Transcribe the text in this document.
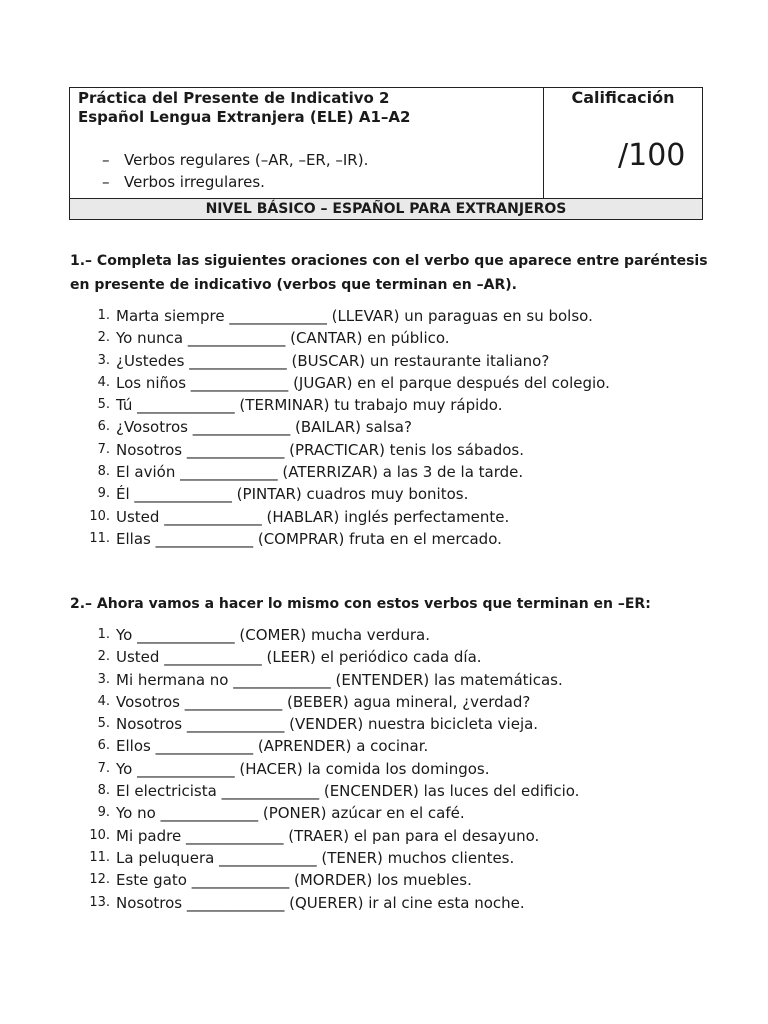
Práctica del Presente de Indicativo 2
Español Lengua Extranjera (ELE) A1–A2
– Verbos regulares (–AR, –ER, –IR).
– Verbos irregulares.
Calificación
/100
NIVEL BÁSICO – ESPAÑOL PARA EXTRANJEROS
1.– Completa las siguientes oraciones con el verbo que aparece entre paréntesis
en presente de indicativo (verbos que terminan en –AR).
1. Marta siempre _____________ (LLEVAR) un paraguas en su bolso.
2. Yo nunca _____________ (CANTAR) en público.
3. ¿Ustedes _____________ (BUSCAR) un restaurante italiano?
4. Los niños _____________ (JUGAR) en el parque después del colegio.
5. Tú _____________ (TERMINAR) tu trabajo muy rápido.
6. ¿Vosotros _____________ (BAILAR) salsa?
7. Nosotros _____________ (PRACTICAR) tenis los sábados.
8. El avión _____________ (ATERRIZAR) a las 3 de la tarde.
9. Él _____________ (PINTAR) cuadros muy bonitos.
10. Usted _____________ (HABLAR) inglés perfectamente.
11. Ellas _____________ (COMPRAR) fruta en el mercado.
2.– Ahora vamos a hacer lo mismo con estos verbos que terminan en –ER:
1. Yo _____________ (COMER) mucha verdura.
2. Usted _____________ (LEER) el periódico cada día.
3. Mi hermana no _____________ (ENTENDER) las matemáticas.
4. Vosotros _____________ (BEBER) agua mineral, ¿verdad?
5. Nosotros _____________ (VENDER) nuestra bicicleta vieja.
6. Ellos _____________ (APRENDER) a cocinar.
7. Yo _____________ (HACER) la comida los domingos.
8. El electricista _____________ (ENCENDER) las luces del edificio.
9. Yo no _____________ (PONER) azúcar en el café.
10. Mi padre _____________ (TRAER) el pan para el desayuno.
11. La peluquera _____________ (TENER) muchos clientes.
12. Este gato _____________ (MORDER) los muebles.
13. Nosotros _____________ (QUERER) ir al cine esta noche.
